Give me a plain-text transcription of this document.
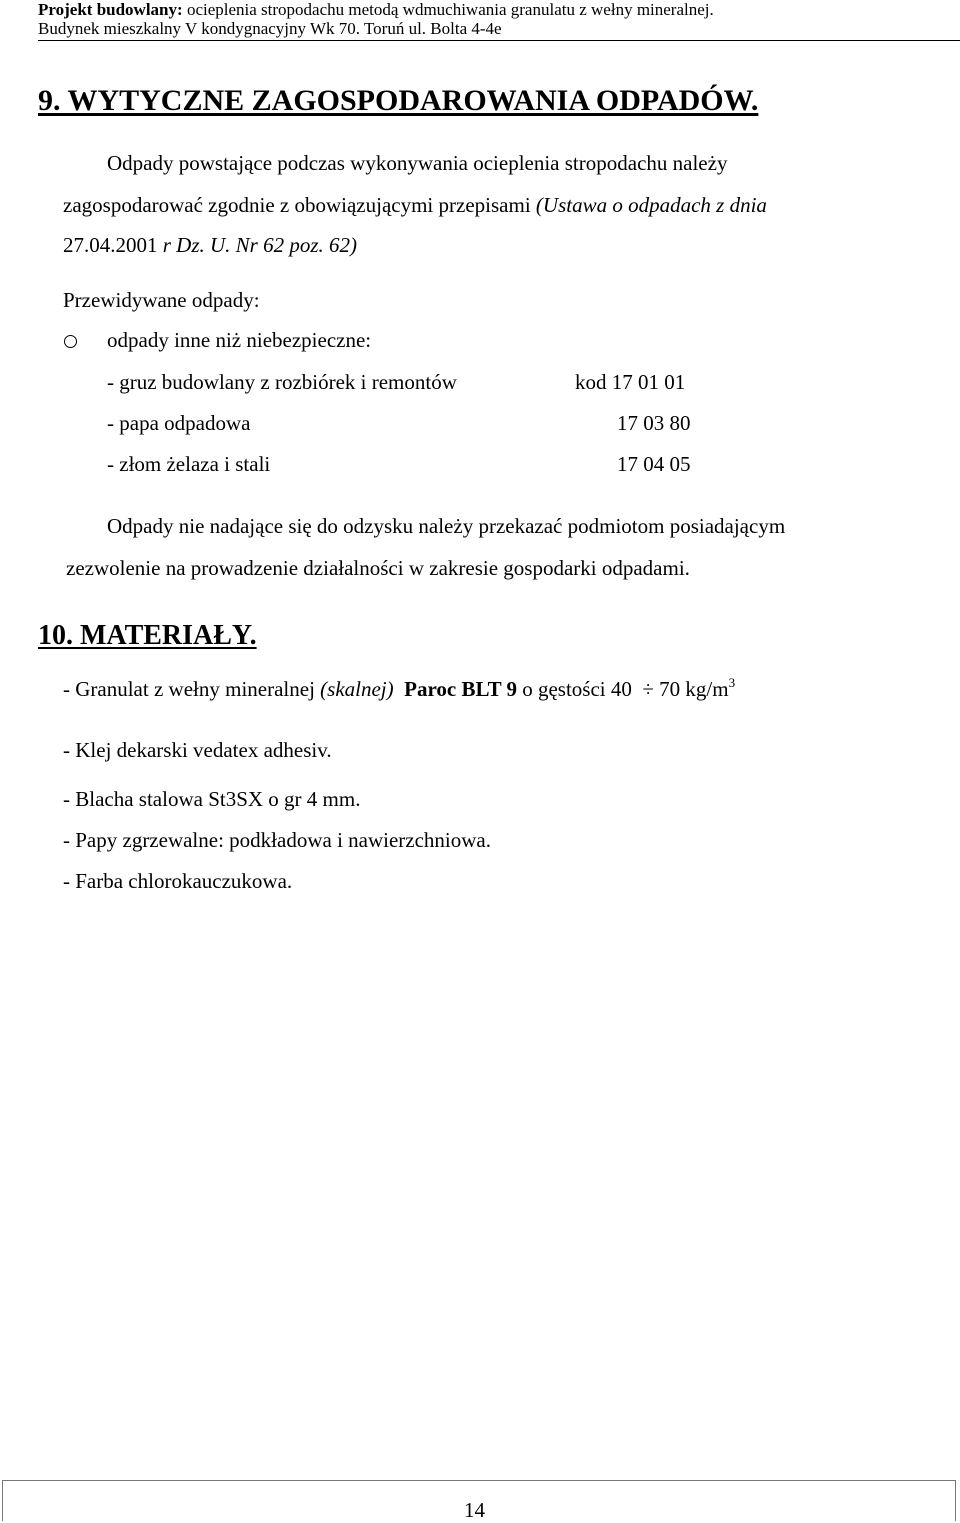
Projekt budowlany: ocieplenia stropodachu metodą wdmuchiwania granulatu z wełny mineralnej.
Budynek mieszkalny V kondygnacyjny Wk 70. Toruń ul. Bolta 4-4e
9. WYTYCZNE ZAGOSPODAROWANIA ODPADÓW.
Odpady powstające podczas wykonywania ocieplenia stropodachu należy
zagospodarować zgodnie z obowiązującymi przepisami (Ustawa o odpadach z dnia
27.04.2001 r Dz. U. Nr 62 poz. 62)
Przewidywane odpady:
odpady inne niż niebezpieczne:
- gruz budowlany z rozbiórek i remontów	kod 17 01 01
- papa odpadowa	17 03 80
- złom żelaza i stali	17 04 05
Odpady nie nadające się do odzysku należy przekazać podmiotom posiadającym
zezwolenie na prowadzenie działalności w zakresie gospodarki odpadami.
10. MATERIAŁY.
- Granulat z wełny mineralnej (skalnej) Paroc BLT 9 o gęstości 40  ÷ 70 $kg/m^3$
- Klej dekarski vedatex adhesiv.
- Blacha stalowa St3SX o gr 4 mm.
- Papy zgrzewalne: podkładowa i nawierzchniowa.
- Farba chlorokauczukowa.
14
